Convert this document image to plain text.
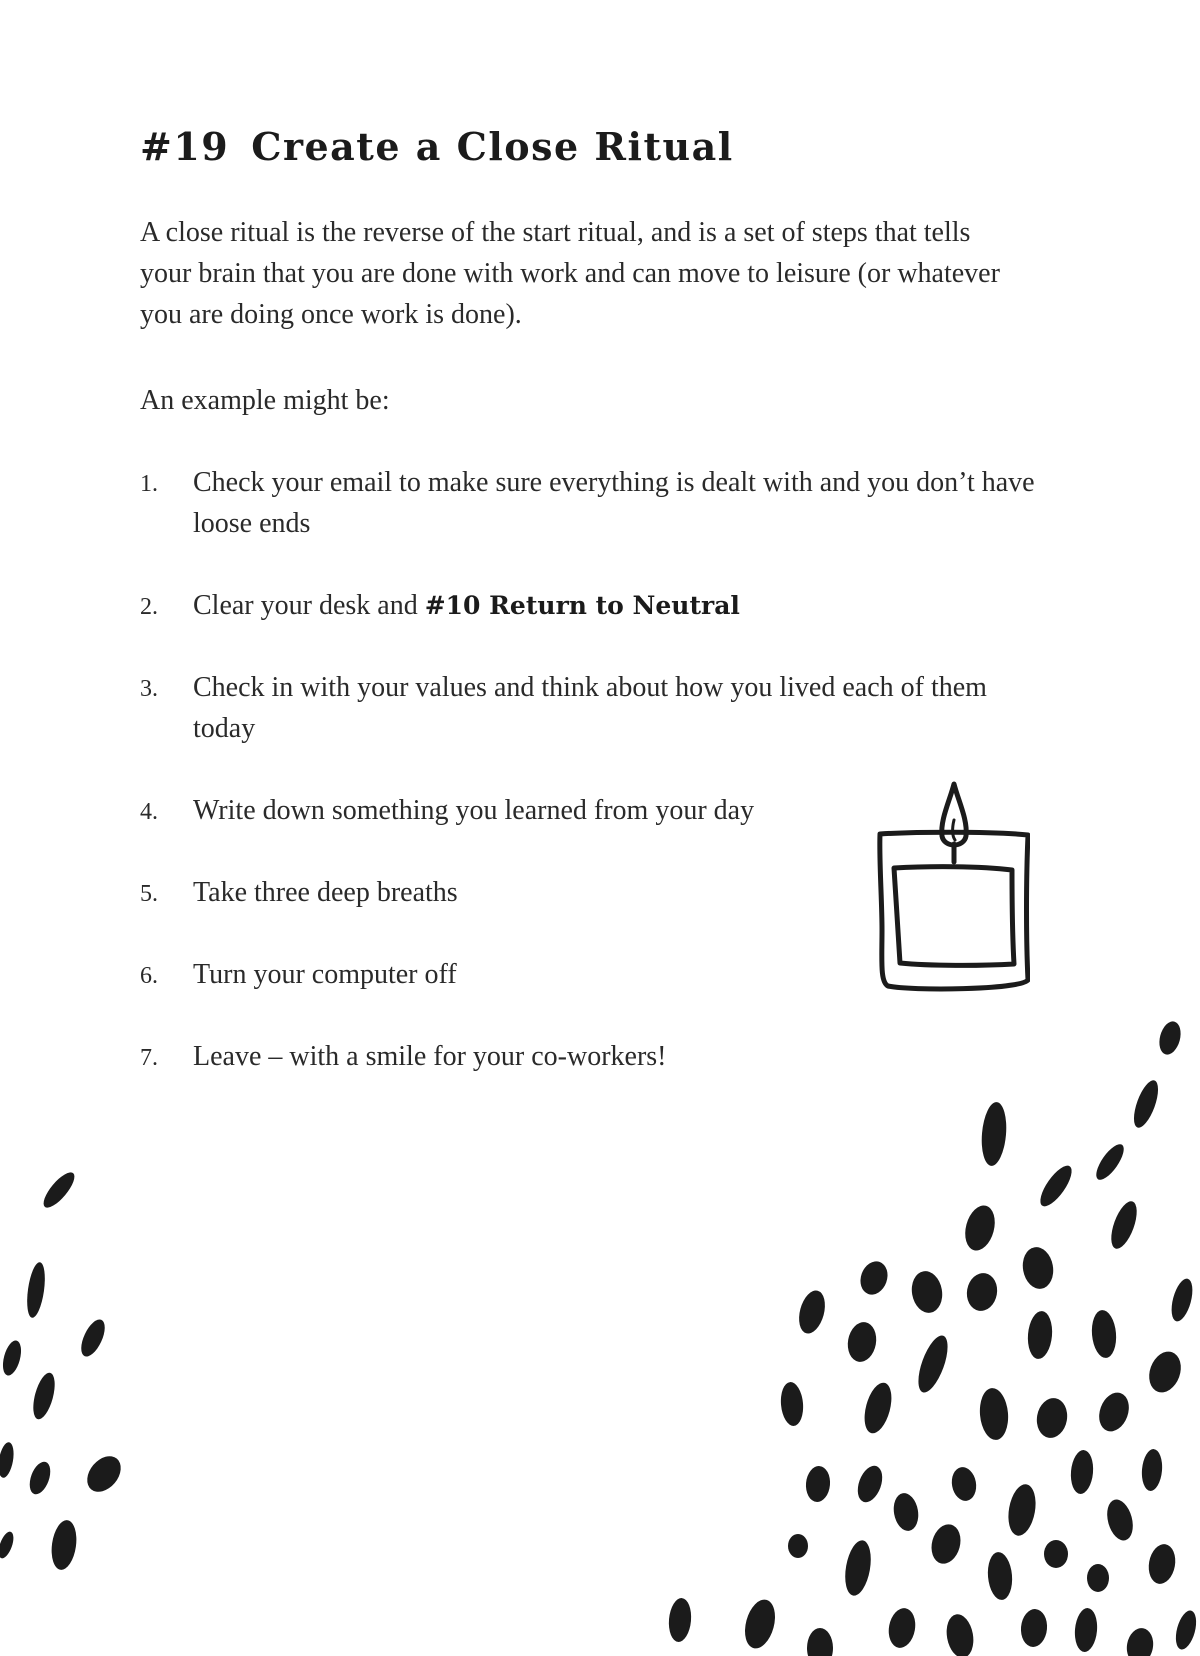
#19 Create a Close Ritual

A close ritual is the reverse of the start ritual, and is a set of steps that tells your brain that you are done with work and can move to leisure (or whatever you are doing once work is done).

An example might be:

1. Check your email to make sure everything is dealt with and you don’t have loose ends
2. Clear your desk and #10 Return to Neutral
3. Check in with your values and think about how you lived each of them today
4. Write down something you learned from your day
5. Take three deep breaths
6. Turn your computer off
7. Leave – with a smile for your co-workers!
